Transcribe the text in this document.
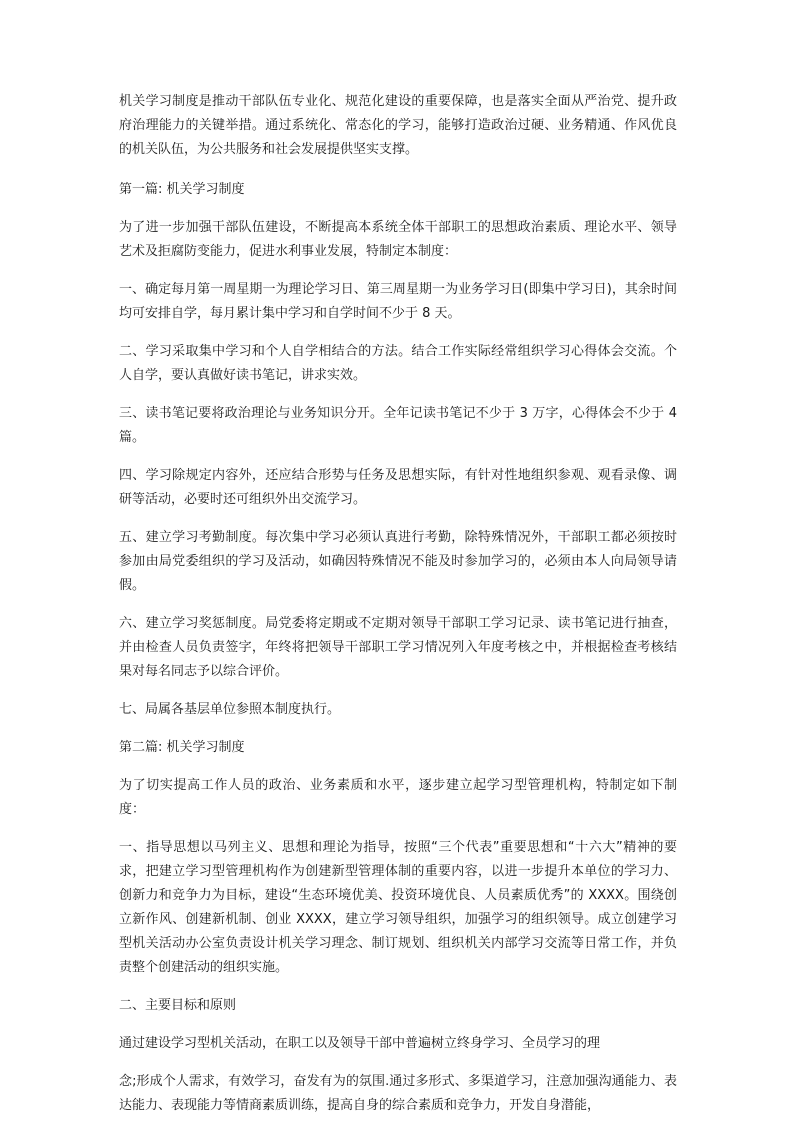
机关学习制度是推动干部队伍专业化、规范化建设的重要保障，也是落实全面从严治党、提升政府治理能力的关键举措。通过系统化、常态化的学习，能够打造政治过硬、业务精通、作风优良的机关队伍，为公共服务和社会发展提供坚实支撑。

第一篇: 机关学习制度

为了进一步加强干部队伍建设，不断提高本系统全体干部职工的思想政治素质、理论水平、领导艺术及拒腐防变能力，促进水利事业发展，特制定本制度：

一、确定每月第一周星期一为理论学习日、第三周星期一为业务学习日(即集中学习日)，其余时间均可安排自学，每月累计集中学习和自学时间不少于 8 天。

二、学习采取集中学习和个人自学相结合的方法。结合工作实际经常组织学习心得体会交流。个人自学，要认真做好读书笔记，讲求实效。

三、读书笔记要将政治理论与业务知识分开。全年记读书笔记不少于 3 万字，心得体会不少于 4 篇。

四、学习除规定内容外，还应结合形势与任务及思想实际，有针对性地组织参观、观看录像、调研等活动，必要时还可组织外出交流学习。

五、建立学习考勤制度。每次集中学习必须认真进行考勤，除特殊情况外，干部职工都必须按时参加由局党委组织的学习及活动，如确因特殊情况不能及时参加学习的，必须由本人向局领导请假。

六、建立学习奖惩制度。局党委将定期或不定期对领导干部职工学习记录、读书笔记进行抽查，并由检查人员负责签字，年终将把领导干部职工学习情况列入年度考核之中，并根据检查考核结果对每名同志予以综合评价。

七、局属各基层单位参照本制度执行。

第二篇: 机关学习制度

为了切实提高工作人员的政治、业务素质和水平，逐步建立起学习型管理机构，特制定如下制度：

一、指导思想以马列主义、思想和理论为指导，按照“三个代表”重要思想和“十六大”精神的要求，把建立学习型管理机构作为创建新型管理体制的重要内容，以进一步提升本单位的学习力、创新力和竞争力为目标，建设“生态环境优美、投资环境优良、人员素质优秀”的 XXXX。围绕创立新作风、创建新机制、创业 XXXX，建立学习领导组织，加强学习的组织领导。成立创建学习型机关活动办公室负责设计机关学习理念、制订规划、组织机关内部学习交流等日常工作，并负责整个创建活动的组织实施。

二、主要目标和原则

通过建设学习型机关活动，在职工以及领导干部中普遍树立终身学习、全员学习的理

念;形成个人需求，有效学习，奋发有为的氛围.通过多形式、多渠道学习，注意加强沟通能力、表达能力、表现能力等情商素质训练，提高自身的综合素质和竞争力，开发自身潜能，
